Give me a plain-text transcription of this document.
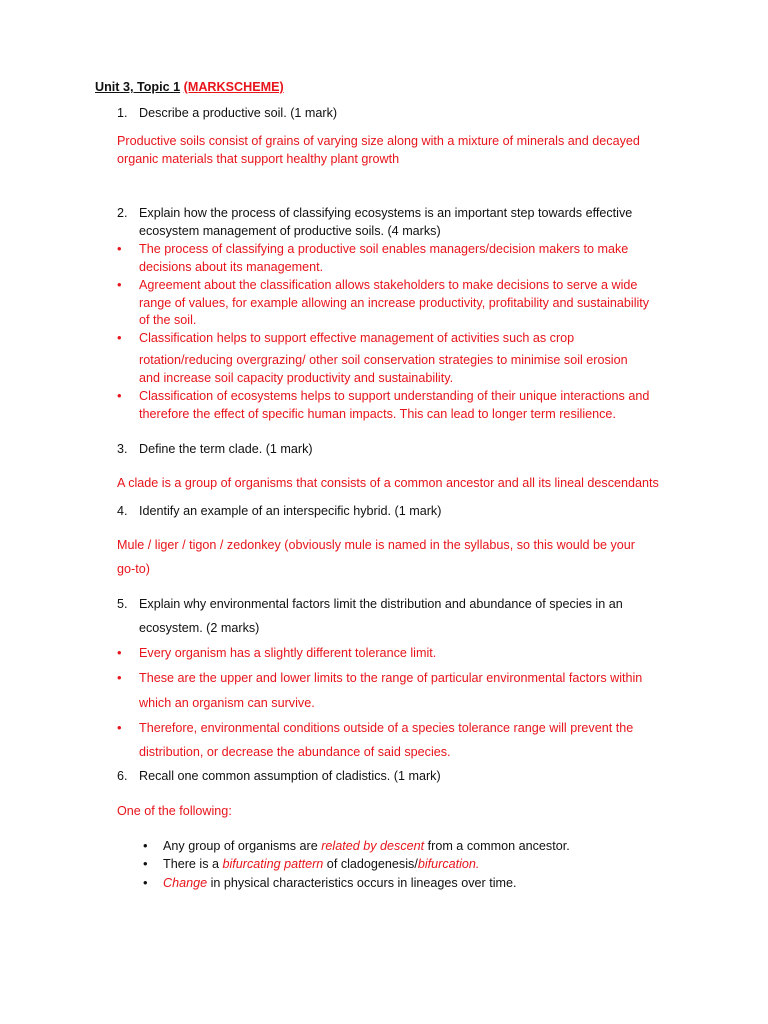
Unit 3, Topic 1 (MARKSCHEME)
1. Describe a productive soil. (1 mark)
Productive soils consist of grains of varying size along with a mixture of minerals and decayed
organic materials that support healthy plant growth
2. Explain how the process of classifying ecosystems is an important step towards effective
ecosystem management of productive soils. (4 marks)
• The process of classifying a productive soil enables managers/decision makers to make
decisions about its management.
• Agreement about the classification allows stakeholders to make decisions to serve a wide
range of values, for example allowing an increase productivity, profitability and sustainability
of the soil.
• Classification helps to support effective management of activities such as crop
rotation/reducing overgrazing/ other soil conservation strategies to minimise soil erosion
and increase soil capacity productivity and sustainability.
• Classification of ecosystems helps to support understanding of their unique interactions and
therefore the effect of specific human impacts. This can lead to longer term resilience.
3. Define the term clade. (1 mark)
A clade is a group of organisms that consists of a common ancestor and all its lineal descendants
4. Identify an example of an interspecific hybrid. (1 mark)
Mule / liger / tigon / zedonkey (obviously mule is named in the syllabus, so this would be your
go-to)
5. Explain why environmental factors limit the distribution and abundance of species in an
ecosystem. (2 marks)
• Every organism has a slightly different tolerance limit.
• These are the upper and lower limits to the range of particular environmental factors within
which an organism can survive.
• Therefore, environmental conditions outside of a species tolerance range will prevent the
distribution, or decrease the abundance of said species.
6. Recall one common assumption of cladistics. (1 mark)
One of the following:
• Any group of organisms are related by descent from a common ancestor.
• There is a bifurcating pattern of cladogenesis/bifurcation.
• Change in physical characteristics occurs in lineages over time.
